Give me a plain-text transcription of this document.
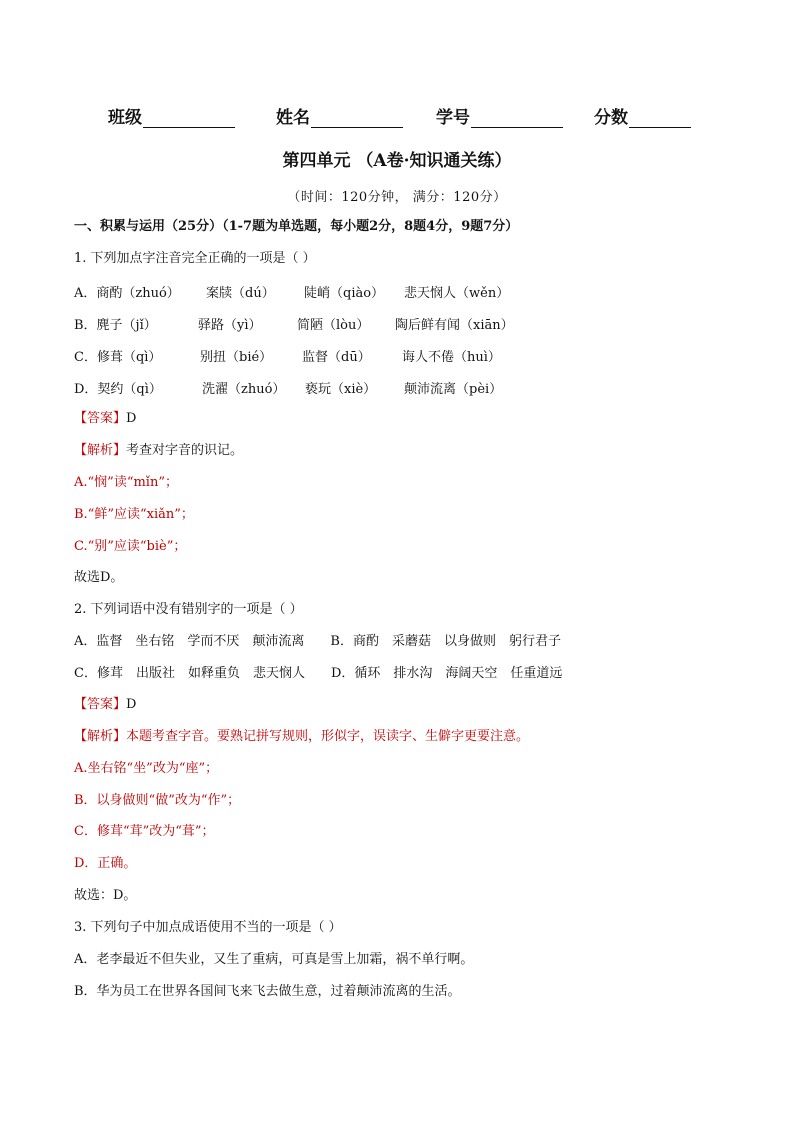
班级	姓名	学号	分数
第四单元 （A卷·知识通关练）
（时间：120分钟， 满分：120分）
一、积累与运用（25分）（1-7题为单选题，每小题2分，8题4分，9题7分）
1. 下列加点字注音完全正确的一项是（ ）
A．商酌（zhuó） 案牍（dú） 陡峭（qiào） 悲天悯人（wěn）
B．麂子（jǐ）	驿路（yì）	简陋（lòu） 陶后鲜有闻（xiān）
C．修葺（qì）	别扭（bié） 监督（dū） 诲人不倦（huì）
D．契约（qì）	洗濯（zhuó） 亵玩（xiè） 颠沛流离（pèi）
【答案】D
【解析】考查对字音的识记。
A.“悯”读“mǐn”；
B.“鲜”应读“xiǎn”；
C.“别”应读“biè”；
故选D。
2. 下列词语中没有错别字的一项是（ ）
A．监督　坐右铭　学而不厌　颠沛流离　　B．商酌　采蘑菇　以身做则　躬行君子
C．修茸　出版社　如释重负　悲天悯人　　D．循环　排水沟　海阔天空　任重道远
【答案】D
【解析】本题考查字音。要熟记拼写规则，形似字，误读字、生僻字更要注意。
A.坐右铭“坐”改为“座”；
B．以身做则“做”改为“作”；
C．修茸“茸”改为“葺”；
D．正确。
故选：D。
3. 下列句子中加点成语使用不当的一项是（ ）
A．老李最近不但失业，又生了重病，可真是雪上加霜，祸不单行啊。
B．华为员工在世界各国间飞来飞去做生意，过着颠沛流离的生活。
